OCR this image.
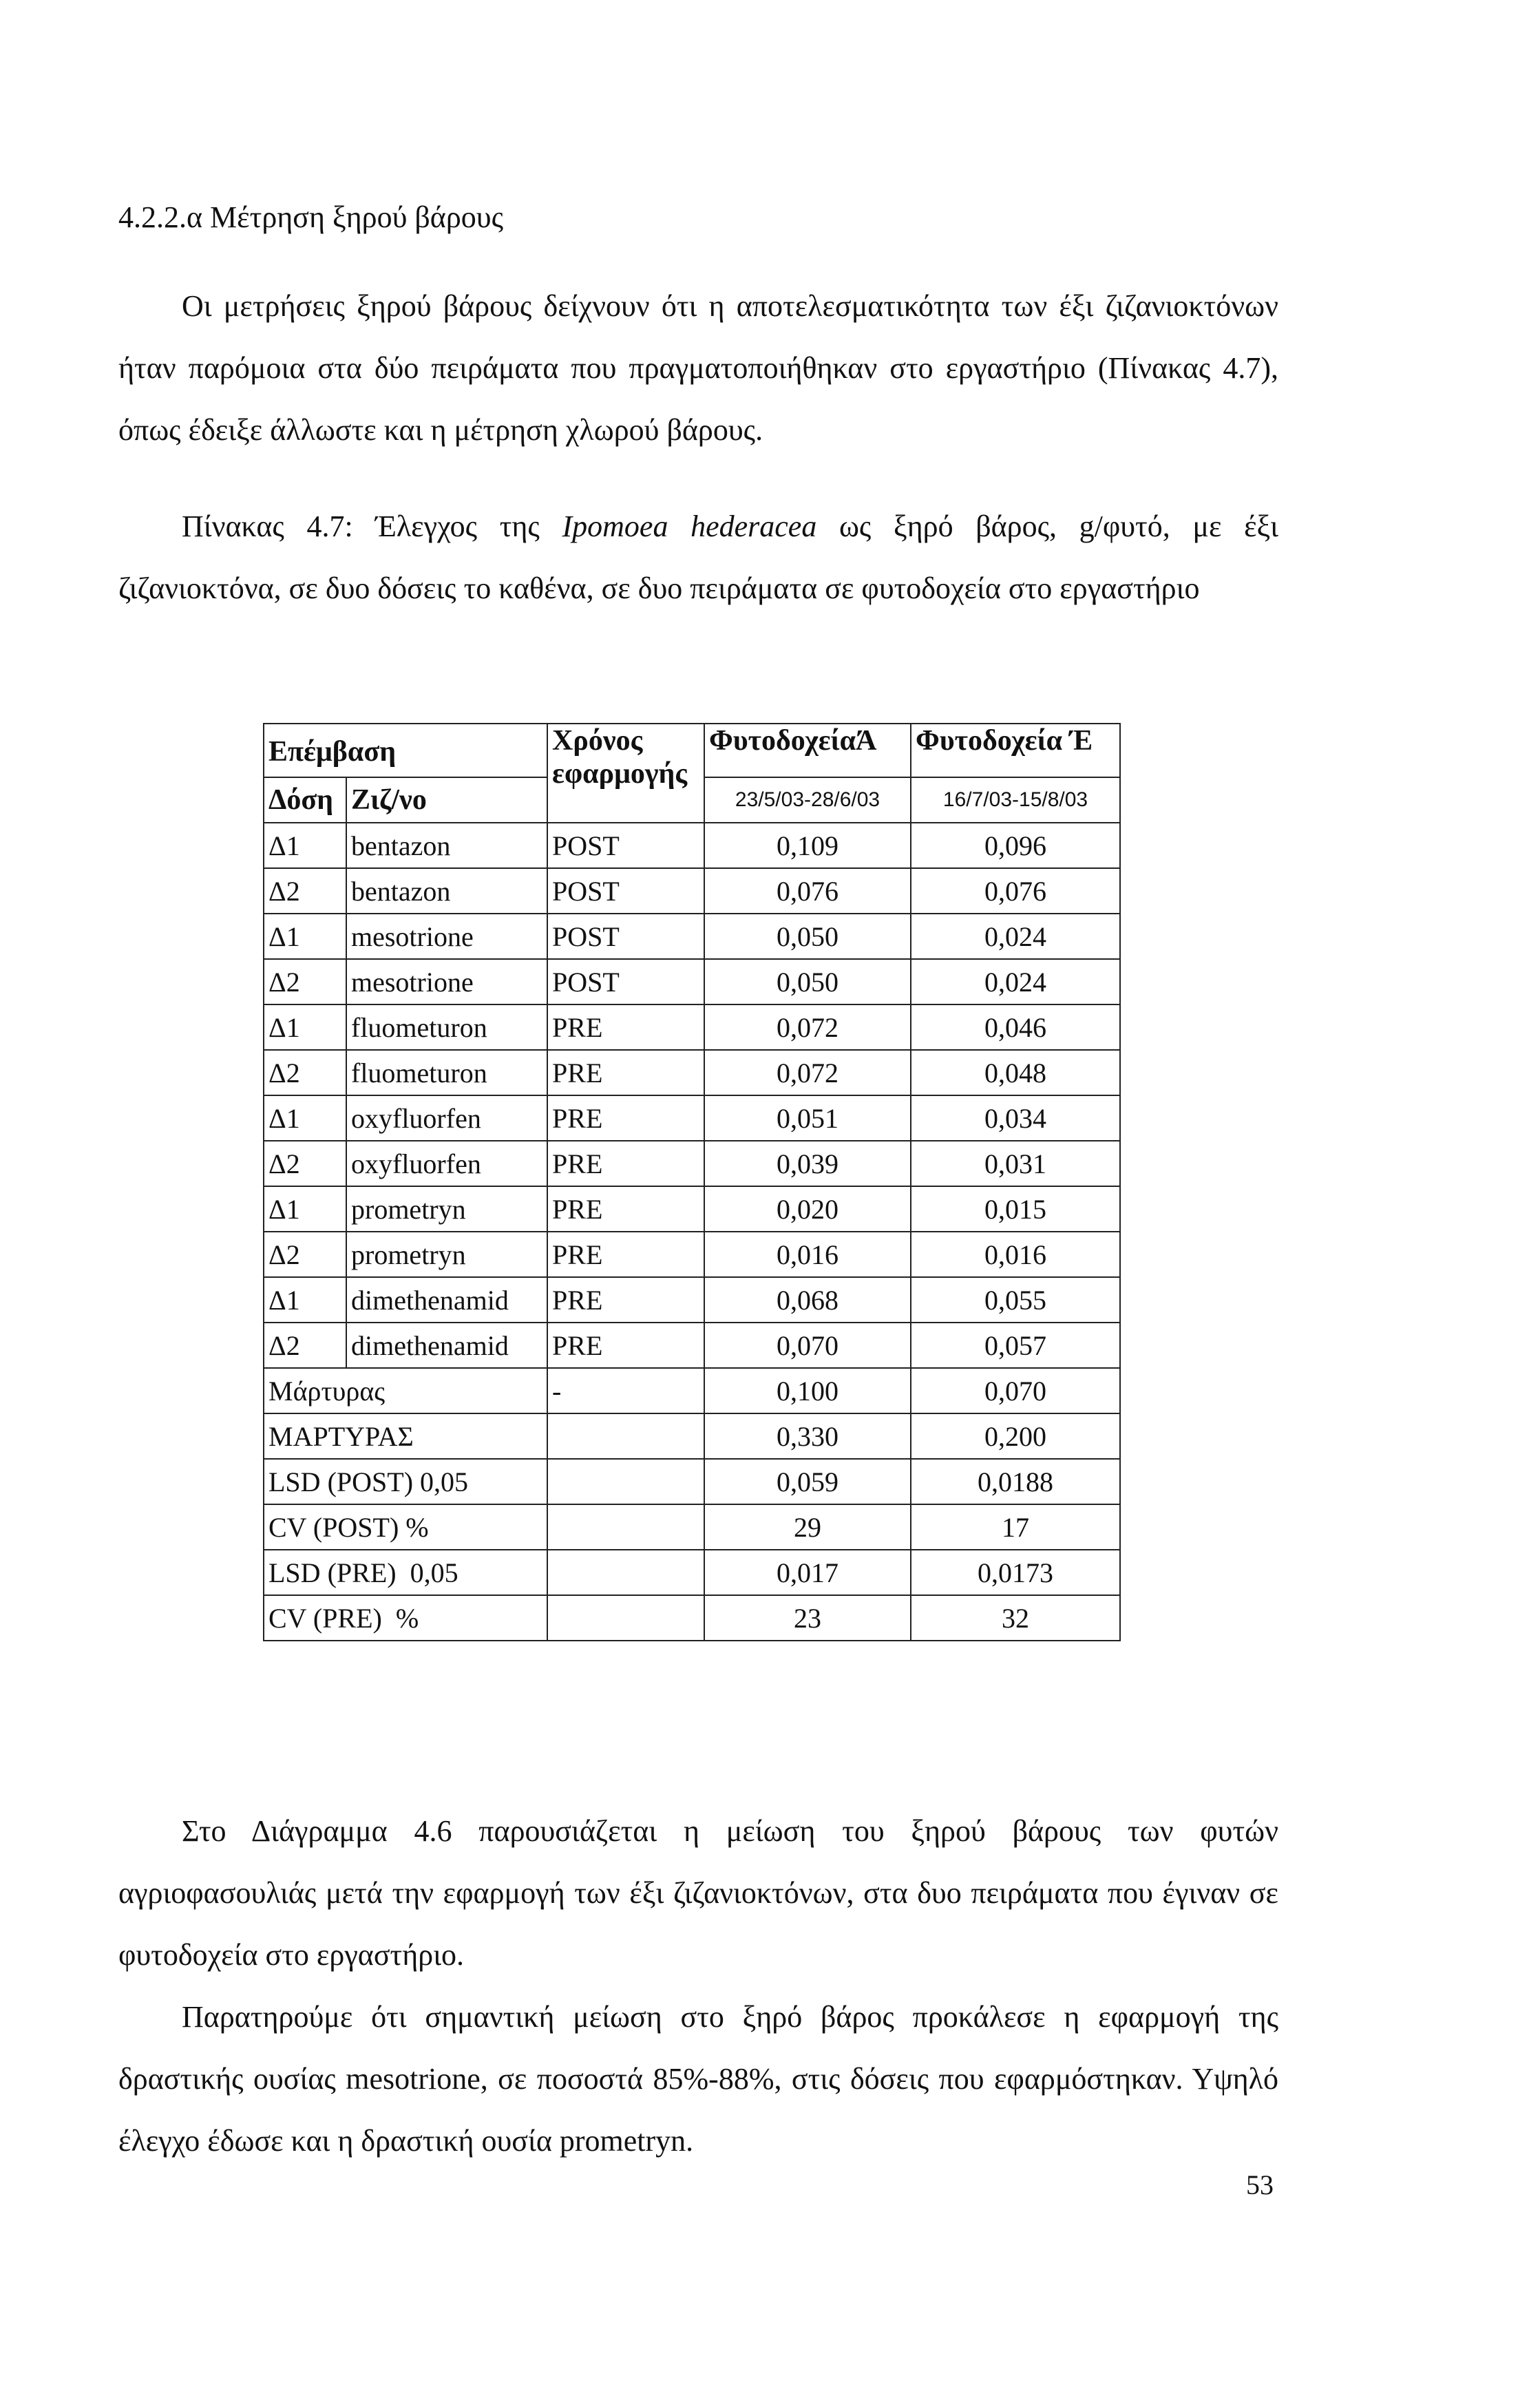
4.2.2.α Μέτρηση ξηρού βάρους

Οι μετρήσεις ξηρού βάρους δείχνουν ότι η αποτελεσματικότητα των έξι ζιζανιοκτόνων ήταν παρόμοια στα δύο πειράματα που πραγματοποιήθηκαν στο εργαστήριο (Πίνακας 4.7), όπως έδειξε άλλωστε και η μέτρηση χλωρού βάρους.

Πίνακας 4.7: Έλεγχος της Ipomoea hederacea ως ξηρό βάρος, g/φυτό, με έξι ζιζανιοκτόνα, σε δυο δόσεις το καθένα, σε δυο πειράματα σε φυτοδοχεία στο εργαστήριο

Επέμβαση		Χρόνος εφαρμογής	ΦυτοδοχείαΆ	Φυτοδοχεία Έ
Δόση	Ζιζ/νο		23/5/03-28/6/03	16/7/03-15/8/03
Δ1	bentazon	POST	0,109	0,096
Δ2	bentazon	POST	0,076	0,076
Δ1	mesotrione	POST	0,050	0,024
Δ2	mesotrione	POST	0,050	0,024
Δ1	fluometuron	PRE	0,072	0,046
Δ2	fluometuron	PRE	0,072	0,048
Δ1	oxyfluorfen	PRE	0,051	0,034
Δ2	oxyfluorfen	PRE	0,039	0,031
Δ1	prometryn	PRE	0,020	0,015
Δ2	prometryn	PRE	0,016	0,016
Δ1	dimethenamid	PRE	0,068	0,055
Δ2	dimethenamid	PRE	0,070	0,057
Μάρτυρας		-	0,100	0,070
ΜΑΡΤΥΡΑΣ			0,330	0,200
LSD (POST) 0,05			0,059	0,0188
CV (POST) %			29	17
LSD (PRE)  0,05			0,017	0,0173
CV (PRE)  %			23	32

Στο Διάγραμμα 4.6 παρουσιάζεται η μείωση του ξηρού βάρους των φυτών αγριοφασουλιάς μετά την εφαρμογή των έξι ζιζανιοκτόνων, στα δυο πειράματα που έγιναν σε φυτοδοχεία στο εργαστήριο.

Παρατηρούμε ότι σημαντική μείωση στο ξηρό βάρος προκάλεσε η εφαρμογή της δραστικής ουσίας mesotrione, σε ποσοστά 85%-88%, στις δόσεις που εφαρμόστηκαν. Υψηλό έλεγχο έδωσε και η δραστική ουσία prometryn.

53
